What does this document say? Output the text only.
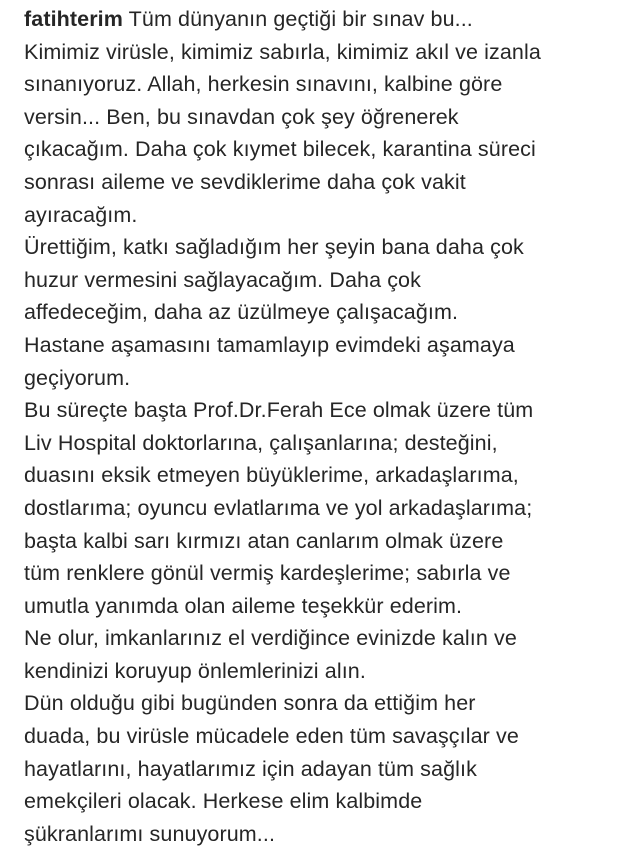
fatihterim Tüm dünyanın geçtiği bir sınav bu...

Kimimiz virüsle, kimimiz sabırla, kimimiz akıl ve izanla

sınanıyoruz. Allah, herkesin sınavını, kalbine göre

versin... Ben, bu sınavdan çok şey öğrenerek

çıkacağım. Daha çok kıymet bilecek, karantina süreci

sonrası aileme ve sevdiklerime daha çok vakit

ayıracağım.

Ürettiğim, katkı sağladığım her şeyin bana daha çok

huzur vermesini sağlayacağım. Daha çok

affedeceğim, daha az üzülmeye çalışacağım.

Hastane aşamasını tamamlayıp evimdeki aşamaya

geçiyorum.

Bu süreçte başta Prof.Dr.Ferah Ece olmak üzere tüm

Liv Hospital doktorlarına, çalışanlarına; desteğini,

duasını eksik etmeyen büyüklerime, arkadaşlarıma,

dostlarıma; oyuncu evlatlarıma ve yol arkadaşlarıma;

başta kalbi sarı kırmızı atan canlarım olmak üzere

tüm renklere gönül vermiş kardeşlerime; sabırla ve

umutla yanımda olan aileme teşekkür ederim.

Ne olur, imkanlarınız el verdiğince evinizde kalın ve

kendinizi koruyup önlemlerinizi alın.

Dün olduğu gibi bugünden sonra da ettiğim her

duada, bu virüsle mücadele eden tüm savaşçılar ve

hayatlarını, hayatlarımız için adayan tüm sağlık

emekçileri olacak. Herkese elim kalbimde

şükranlarımı sunuyorum...
